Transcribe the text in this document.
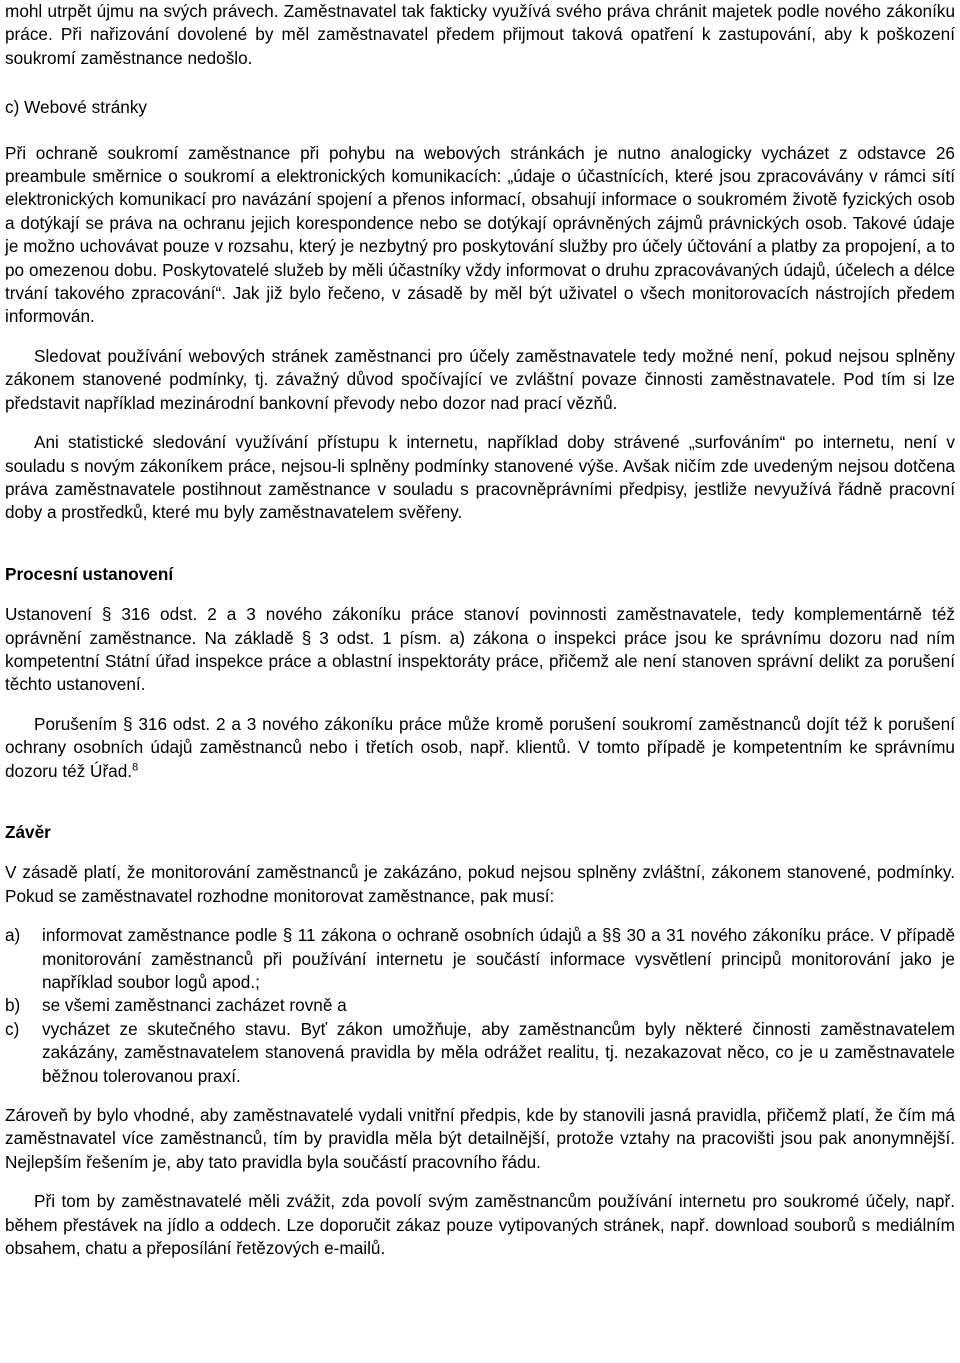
mohl utrpět újmu na svých právech. Zaměstnavatel tak fakticky využívá svého práva chránit majetek podle nového zákoníku práce. Při nařizování dovolené by měl zaměstnavatel předem přijmout taková opatření k zastupování, aby k poškození soukromí zaměstnance nedošlo.

c) Webové stránky

Při ochraně soukromí zaměstnance při pohybu na webových stránkách je nutno analogicky vycházet z odstavce 26 preambule směrnice o soukromí a elektronických komunikacích: „údaje o účastnících, které jsou zpracovávány v rámci sítí elektronických komunikací pro navázání spojení a přenos informací, obsahují informace o soukromém životě fyzických osob a dotýkají se práva na ochranu jejich korespondence nebo se dotýkají oprávněných zájmů právnických osob. Takové údaje je možno uchovávat pouze v rozsahu, který je nezbytný pro poskytování služby pro účely účtování a platby za propojení, a to po omezenou dobu. Poskytovatelé služeb by měli účastníky vždy informovat o druhu zpracovávaných údajů, účelech a délce trvání takového zpracování“. Jak již bylo řečeno, v zásadě by měl být uživatel o všech monitorovacích nástrojích předem informován.

Sledovat používání webových stránek zaměstnanci pro účely zaměstnavatele tedy možné není, pokud nejsou splněny zákonem stanovené podmínky, tj. závažný důvod spočívající ve zvláštní povaze činnosti zaměstnavatele. Pod tím si lze představit například mezinárodní bankovní převody nebo dozor nad prací vězňů.

Ani statistické sledování využívání přístupu k internetu, například doby strávené „surfováním“ po internetu, není v souladu s novým zákoníkem práce, nejsou-li splněny podmínky stanovené výše. Avšak ničím zde uvedeným nejsou dotčena práva zaměstnavatele postihnout zaměstnance v souladu s pracovněprávními předpisy, jestliže nevyužívá řádně pracovní doby a prostředků, které mu byly zaměstnavatelem svěřeny.

Procesní ustanovení

Ustanovení § 316 odst. 2 a 3 nového zákoníku práce stanoví povinnosti zaměstnavatele, tedy komplementárně též oprávnění zaměstnance. Na základě § 3 odst. 1 písm. a) zákona o inspekci práce jsou ke správnímu dozoru nad ním kompetentní Státní úřad inspekce práce a oblastní inspektoráty práce, přičemž ale není stanoven správní delikt za porušení těchto ustanovení.

Porušením § 316 odst. 2 a 3 nového zákoníku práce může kromě porušení soukromí zaměstnanců dojít též k porušení ochrany osobních údajů zaměstnanců nebo i třetích osob, např. klientů. V tomto případě je kompetentním ke správnímu dozoru též Úřad.$^8$

Závěr

V zásadě platí, že monitorování zaměstnanců je zakázáno, pokud nejsou splněny zvláštní, zákonem stanovené, podmínky. Pokud se zaměstnavatel rozhodne monitorovat zaměstnance, pak musí:

a)	informovat zaměstnance podle § 11 zákona o ochraně osobních údajů a §§ 30 a 31 nového zákoníku práce. V případě monitorování zaměstnanců při používání internetu je součástí informace vysvětlení principů monitorování jako je například soubor logů apod.;
b)	se všemi zaměstnanci zacházet rovně a
c)	vycházet ze skutečného stavu. Byť zákon umožňuje, aby zaměstnancům byly některé činnosti zaměstnavatelem zakázány, zaměstnavatelem stanovená pravidla by měla odrážet realitu, tj. nezakazovat něco, co je u zaměstnavatele běžnou tolerovanou praxí.

Zároveň by bylo vhodné, aby zaměstnavatelé vydali vnitřní předpis, kde by stanovili jasná pravidla, přičemž platí, že čím má zaměstnavatel více zaměstnanců, tím by pravidla měla být detailnější, protože vztahy na pracovišti jsou pak anonymnější. Nejlepším řešením je, aby tato pravidla byla součástí pracovního řádu.

Při tom by zaměstnavatelé měli zvážit, zda povolí svým zaměstnancům používání internetu pro soukromé účely, např. během přestávek na jídlo a oddech. Lze doporučit zákaz pouze vytipovaných stránek, např. download souborů s mediálním obsahem, chatu a přeposílání řetězových e-mailů.
